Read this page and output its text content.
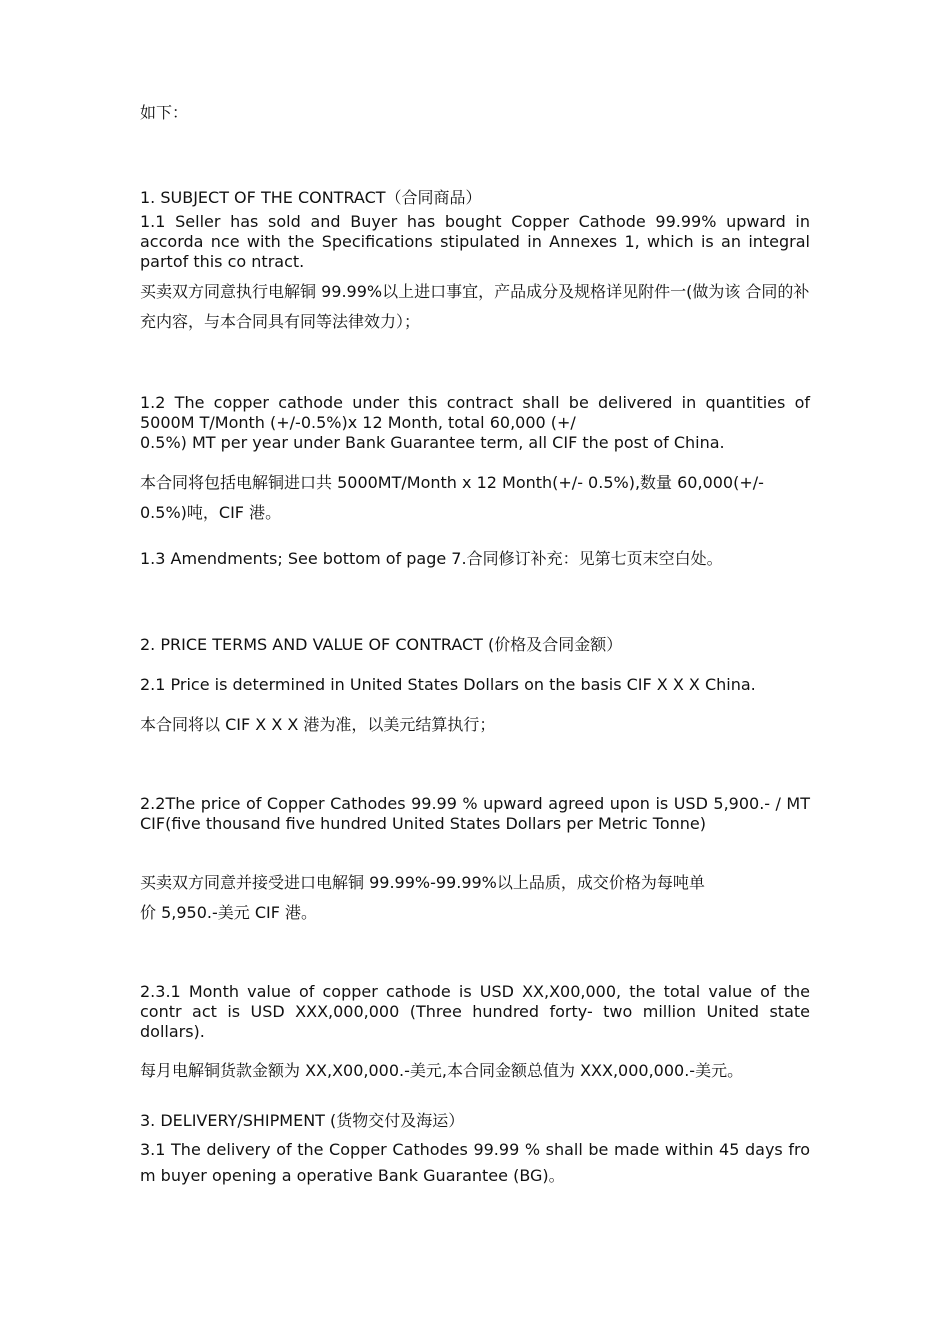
如下：

1. SUBJECT OF THE CONTRACT（合同商品）

1.1 Seller has sold and Buyer has bought Copper Cathode 99.99% upward in accorda nce with the Specifications stipulated in Annexes 1, which is an integral partof this co ntract.

买卖双方同意执行电解铜 99.99%以上进口事宜，产品成分及规格详见附件一(做为该 合同的补充内容，与本合同具有同等法律效力）；

1.2 The copper cathode under this contract shall be delivered in quantities of 5000M T/Month (+/-0.5%)x 12 Month, total 60,000 (+/

0.5%) MT per year under Bank Guarantee term, all CIF the post of China.

本合同将包括电解铜进口共 5000MT/Month x 12 Month(+/- 0.5%),数量 60,000(+/- 0.5%)吨，CIF 港。

1.3 Amendments; See bottom of page 7.合同修订补充：见第七页末空白处。

2. PRICE TERMS AND VALUE OF CONTRACT (价格及合同金额）

2.1 Price is determined in United States Dollars on the basis CIF X X X China.

本合同将以 CIF X X X 港为准，以美元结算执行；

2.2The price of Copper Cathodes 99.99 % upward agreed upon is USD 5,900.- / MT CIF(five thousand five hundred United States Dollars per Metric Tonne)

买卖双方同意并接受进口电解铜 99.99%-99.99%以上品质，成交价格为每吨单

价 5,950.-美元 CIF 港。

2.3.1 Month value of copper cathode is USD XX,X00,000, the total value of the contr act is USD XXX,000,000 (Three hundred forty- two million United state dollars).

每月电解铜货款金额为 XX,X00,000.-美元,本合同金额总值为 XXX,000,000.-美元。

3. DELIVERY/SHIPMENT (货物交付及海运）

3.1 The delivery of the Copper Cathodes 99.99 % shall be made within 45 days fro m buyer opening a operative Bank Guarantee (BG)。
